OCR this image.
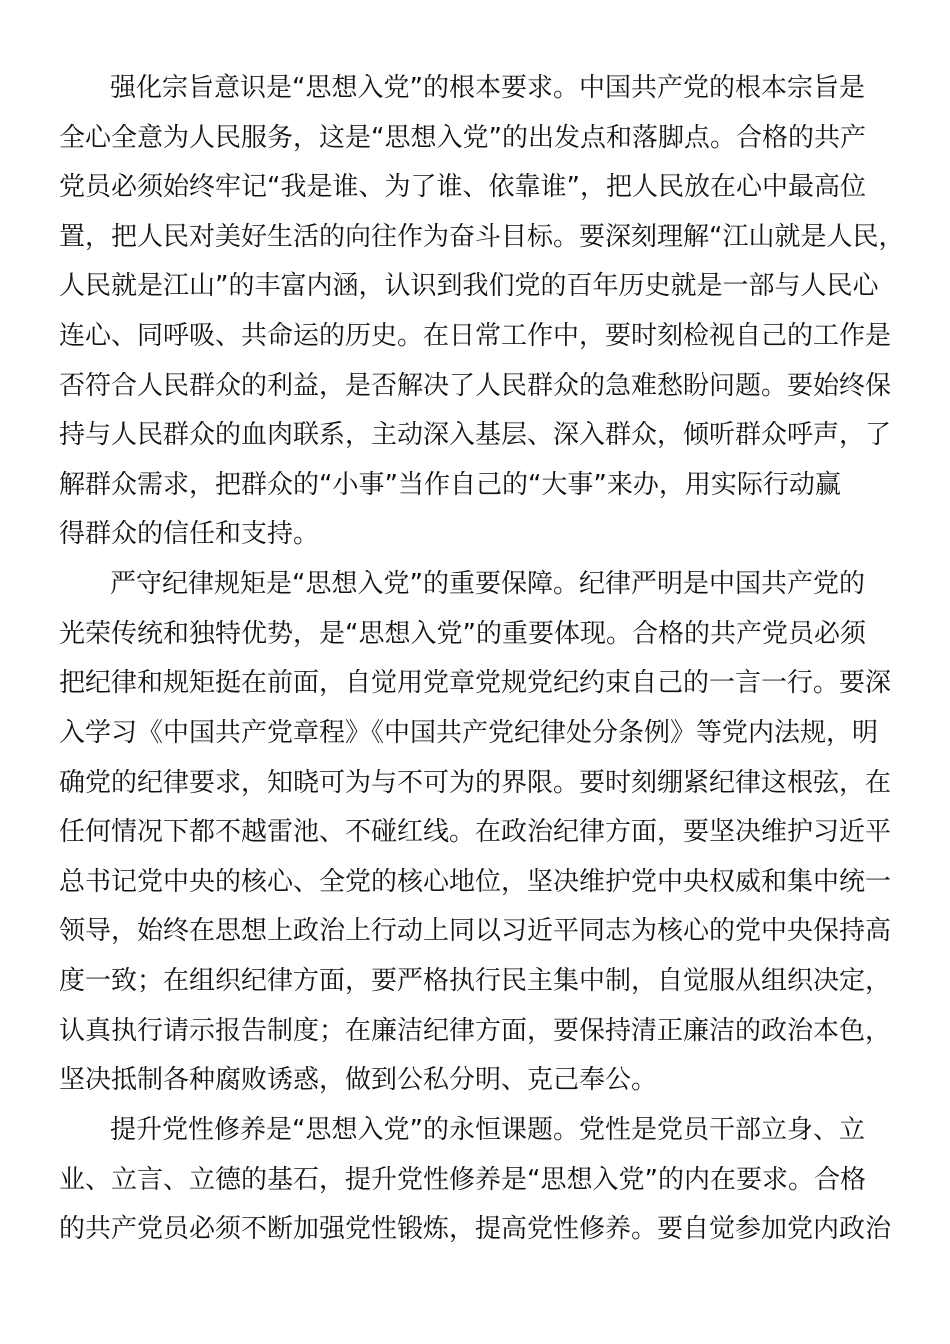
强化宗旨意识是“思想入党”的根本要求。中国共产党的根本宗旨是
全心全意为人民服务，这是“思想入党”的出发点和落脚点。合格的共产
党员必须始终牢记“我是谁、为了谁、依靠谁”，把人民放在心中最高位
置，把人民对美好生活的向往作为奋斗目标。要深刻理解“江山就是人民，
人民就是江山”的丰富内涵，认识到我们党的百年历史就是一部与人民心
连心、同呼吸、共命运的历史。在日常工作中，要时刻检视自己的工作是
否符合人民群众的利益，是否解决了人民群众的急难愁盼问题。要始终保
持与人民群众的血肉联系，主动深入基层、深入群众，倾听群众呼声，了
解群众需求，把群众的“小事”当作自己的“大事”来办，用实际行动赢
得群众的信任和支持。
严守纪律规矩是“思想入党”的重要保障。纪律严明是中国共产党的
光荣传统和独特优势，是“思想入党”的重要体现。合格的共产党员必须
把纪律和规矩挺在前面，自觉用党章党规党纪约束自己的一言一行。要深
入学习《中国共产党章程》《中国共产党纪律处分条例》等党内法规，明
确党的纪律要求，知晓可为与不可为的界限。要时刻绷紧纪律这根弦，在
任何情况下都不越雷池、不碰红线。在政治纪律方面，要坚决维护习近平
总书记党中央的核心、全党的核心地位，坚决维护党中央权威和集中统一
领导，始终在思想上政治上行动上同以习近平同志为核心的党中央保持高
度一致；在组织纪律方面，要严格执行民主集中制，自觉服从组织决定，
认真执行请示报告制度；在廉洁纪律方面，要保持清正廉洁的政治本色，
坚决抵制各种腐败诱惑，做到公私分明、克己奉公。
提升党性修养是“思想入党”的永恒课题。党性是党员干部立身、立
业、立言、立德的基石，提升党性修养是“思想入党”的内在要求。合格
的共产党员必须不断加强党性锻炼，提高党性修养。要自觉参加党内政治
